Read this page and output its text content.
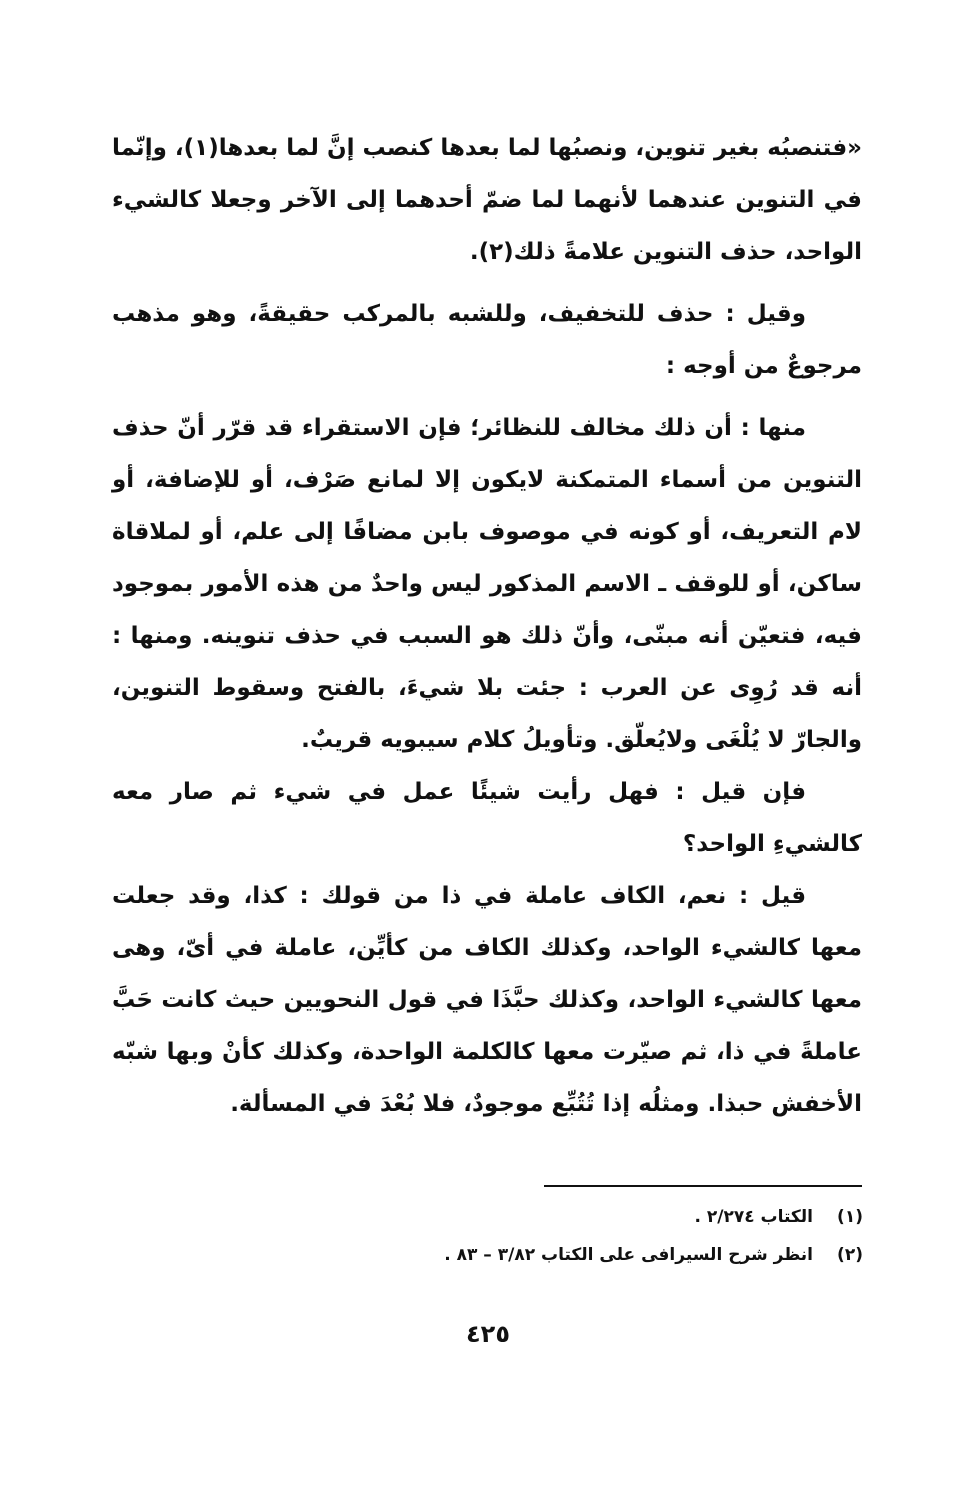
«فتنصبُه بغير تنوين، ونصبُها لما بعدها كنصب إنَّ لما بعدها(١)، وإنّما في التنوين عندهما لأنهما لما ضمّ أحدهما إلى الآخر وجعلا كالشيء الواحد، حذف التنوين علامةً ذلك(٢).

وقيل : حذف للتخفيف، وللشبه بالمركب حقيقةً، وهو مذهب مرجوعٌ من أوجه :

منها : أن ذلك مخالف للنظائر؛ فإن الاستقراء قد قرّر أنّ حذف التنوين من أسماء المتمكنة لايكون إلا لمانع صَرْف، أو للإضافة، أو لام التعريف، أو كونه في موصوف بابن مضافًا إلى علم، أو لملاقاة ساكن، أو للوقف ـ الاسم المذكور ليس واحدٌ من هذه الأمور بموجود فيه، فتعيّن أنه مبنّى، وأنّ ذلك هو السبب في حذف تنوينه. ومنها : أنه قد رُوِى عن العرب : جئت بلا شيءَ، بالفتح وسقوط التنوين، والجارّ لا يُلْغَى ولايُعلّق. وتأويلُ كلام سيبويه قريبٌ.

فإن قيل : فهل رأيت شيئًا عمل في شيء ثم صار معه كالشيءِ الواحد؟

قيل : نعم، الكاف عاملة في ذا من قولك : كذا، وقد جعلت معها كالشيء الواحد، وكذلك الكاف من كأيِّن، عاملة في أىّ، وهى معها كالشيء الواحد، وكذلك حبَّذَا في قول النحويين حيث كانت حَبَّ عاملةً في ذا، ثم صيّرت معها كالكلمة الواحدة، وكذلك كأنْ وبها شبّه الأخفش حبذا. ومثلُه إذا تُتُبِّع موجودٌ، فلا بُعْدَ في المسألة.

(١)
الكتاب ٢/٢٧٤ .
(٢)
انظر شرح السيرافى على الكتاب ٣/٨٢ – ٨٣ .
٤٢٥
